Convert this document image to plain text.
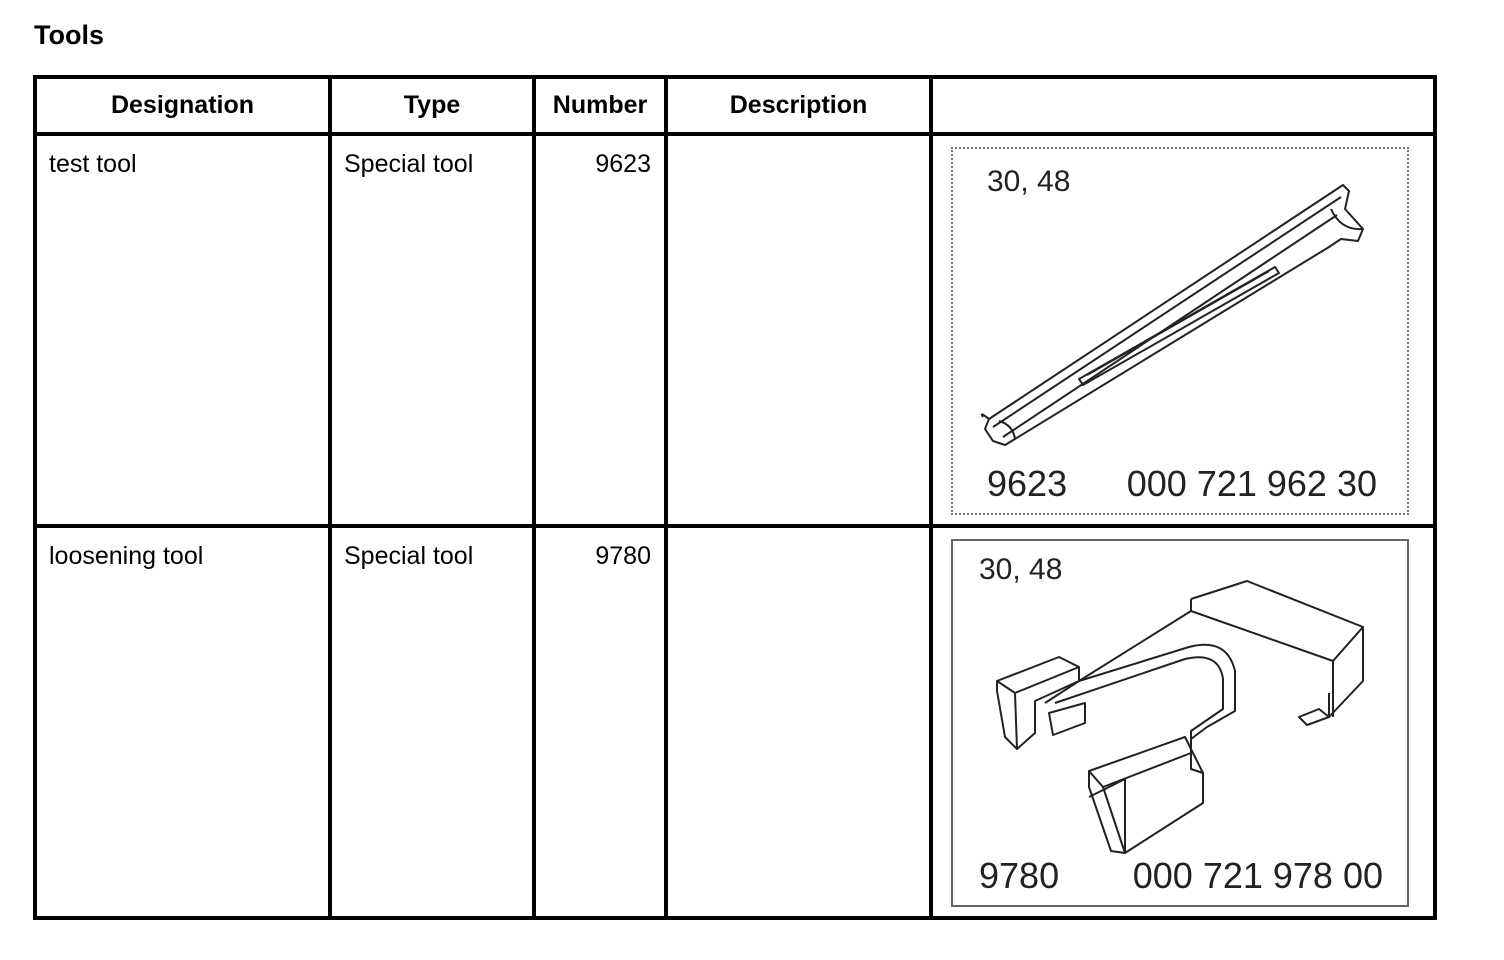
Tools
Designation	Type	Number	Description	

test tool	Special tool	9623		30, 48
9623 000 721 962 30

loosening tool	Special tool	9780		30, 48
9780 000 721 978 00
